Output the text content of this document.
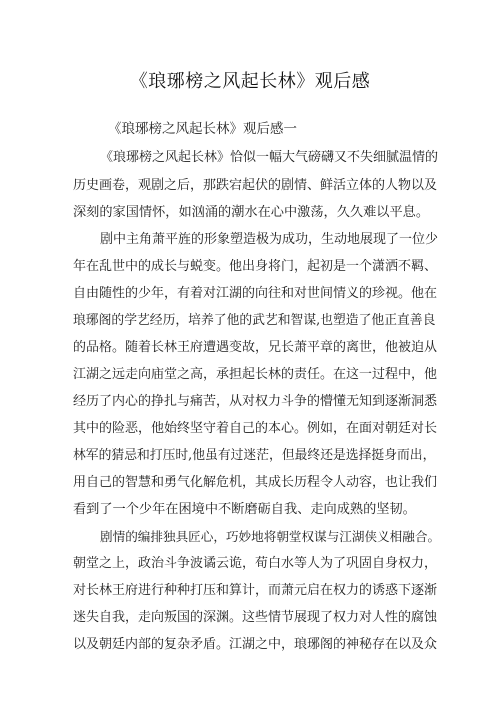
《琅琊榜之风起长林》观后感
《琅琊榜之风起长林》观后感一
《琅琊榜之风起长林》恰似一幅大气磅礴又不失细腻温情的
历史画卷，观剧之后，那跌宕起伏的剧情、鲜活立体的人物以及
深刻的家国情怀，如汹涌的潮水在心中激荡，久久难以平息。
剧中主角萧平旌的形象塑造极为成功，生动地展现了一位少
年在乱世中的成长与蜕变。他出身将门，起初是一个潇洒不羁、
自由随性的少年，有着对江湖的向往和对世间情义的珍视。他在
琅琊阁的学艺经历，培养了他的武艺和智谋,也塑造了他正直善良
的品格。随着长林王府遭遇变故，兄长萧平章的离世，他被迫从
江湖之远走向庙堂之高，承担起长林的责任。在这一过程中，他
经历了内心的挣扎与痛苦，从对权力斗争的懵懂无知到逐渐洞悉
其中的险恶，他始终坚守着自己的本心。例如，在面对朝廷对长
林军的猜忌和打压时,他虽有过迷茫，但最终还是选择挺身而出，
用自己的智慧和勇气化解危机，其成长历程令人动容，也让我们
看到了一个少年在困境中不断磨砺自我、走向成熟的坚韧。
剧情的编排独具匠心，巧妙地将朝堂权谋与江湖侠义相融合。
朝堂之上，政治斗争波谲云诡，荀白水等人为了巩固自身权力，
对长林王府进行种种打压和算计，而萧元启在权力的诱惑下逐渐
迷失自我，走向叛国的深渊。这些情节展现了权力对人性的腐蚀
以及朝廷内部的复杂矛盾。江湖之中，琅琊阁的神秘存在以及众
